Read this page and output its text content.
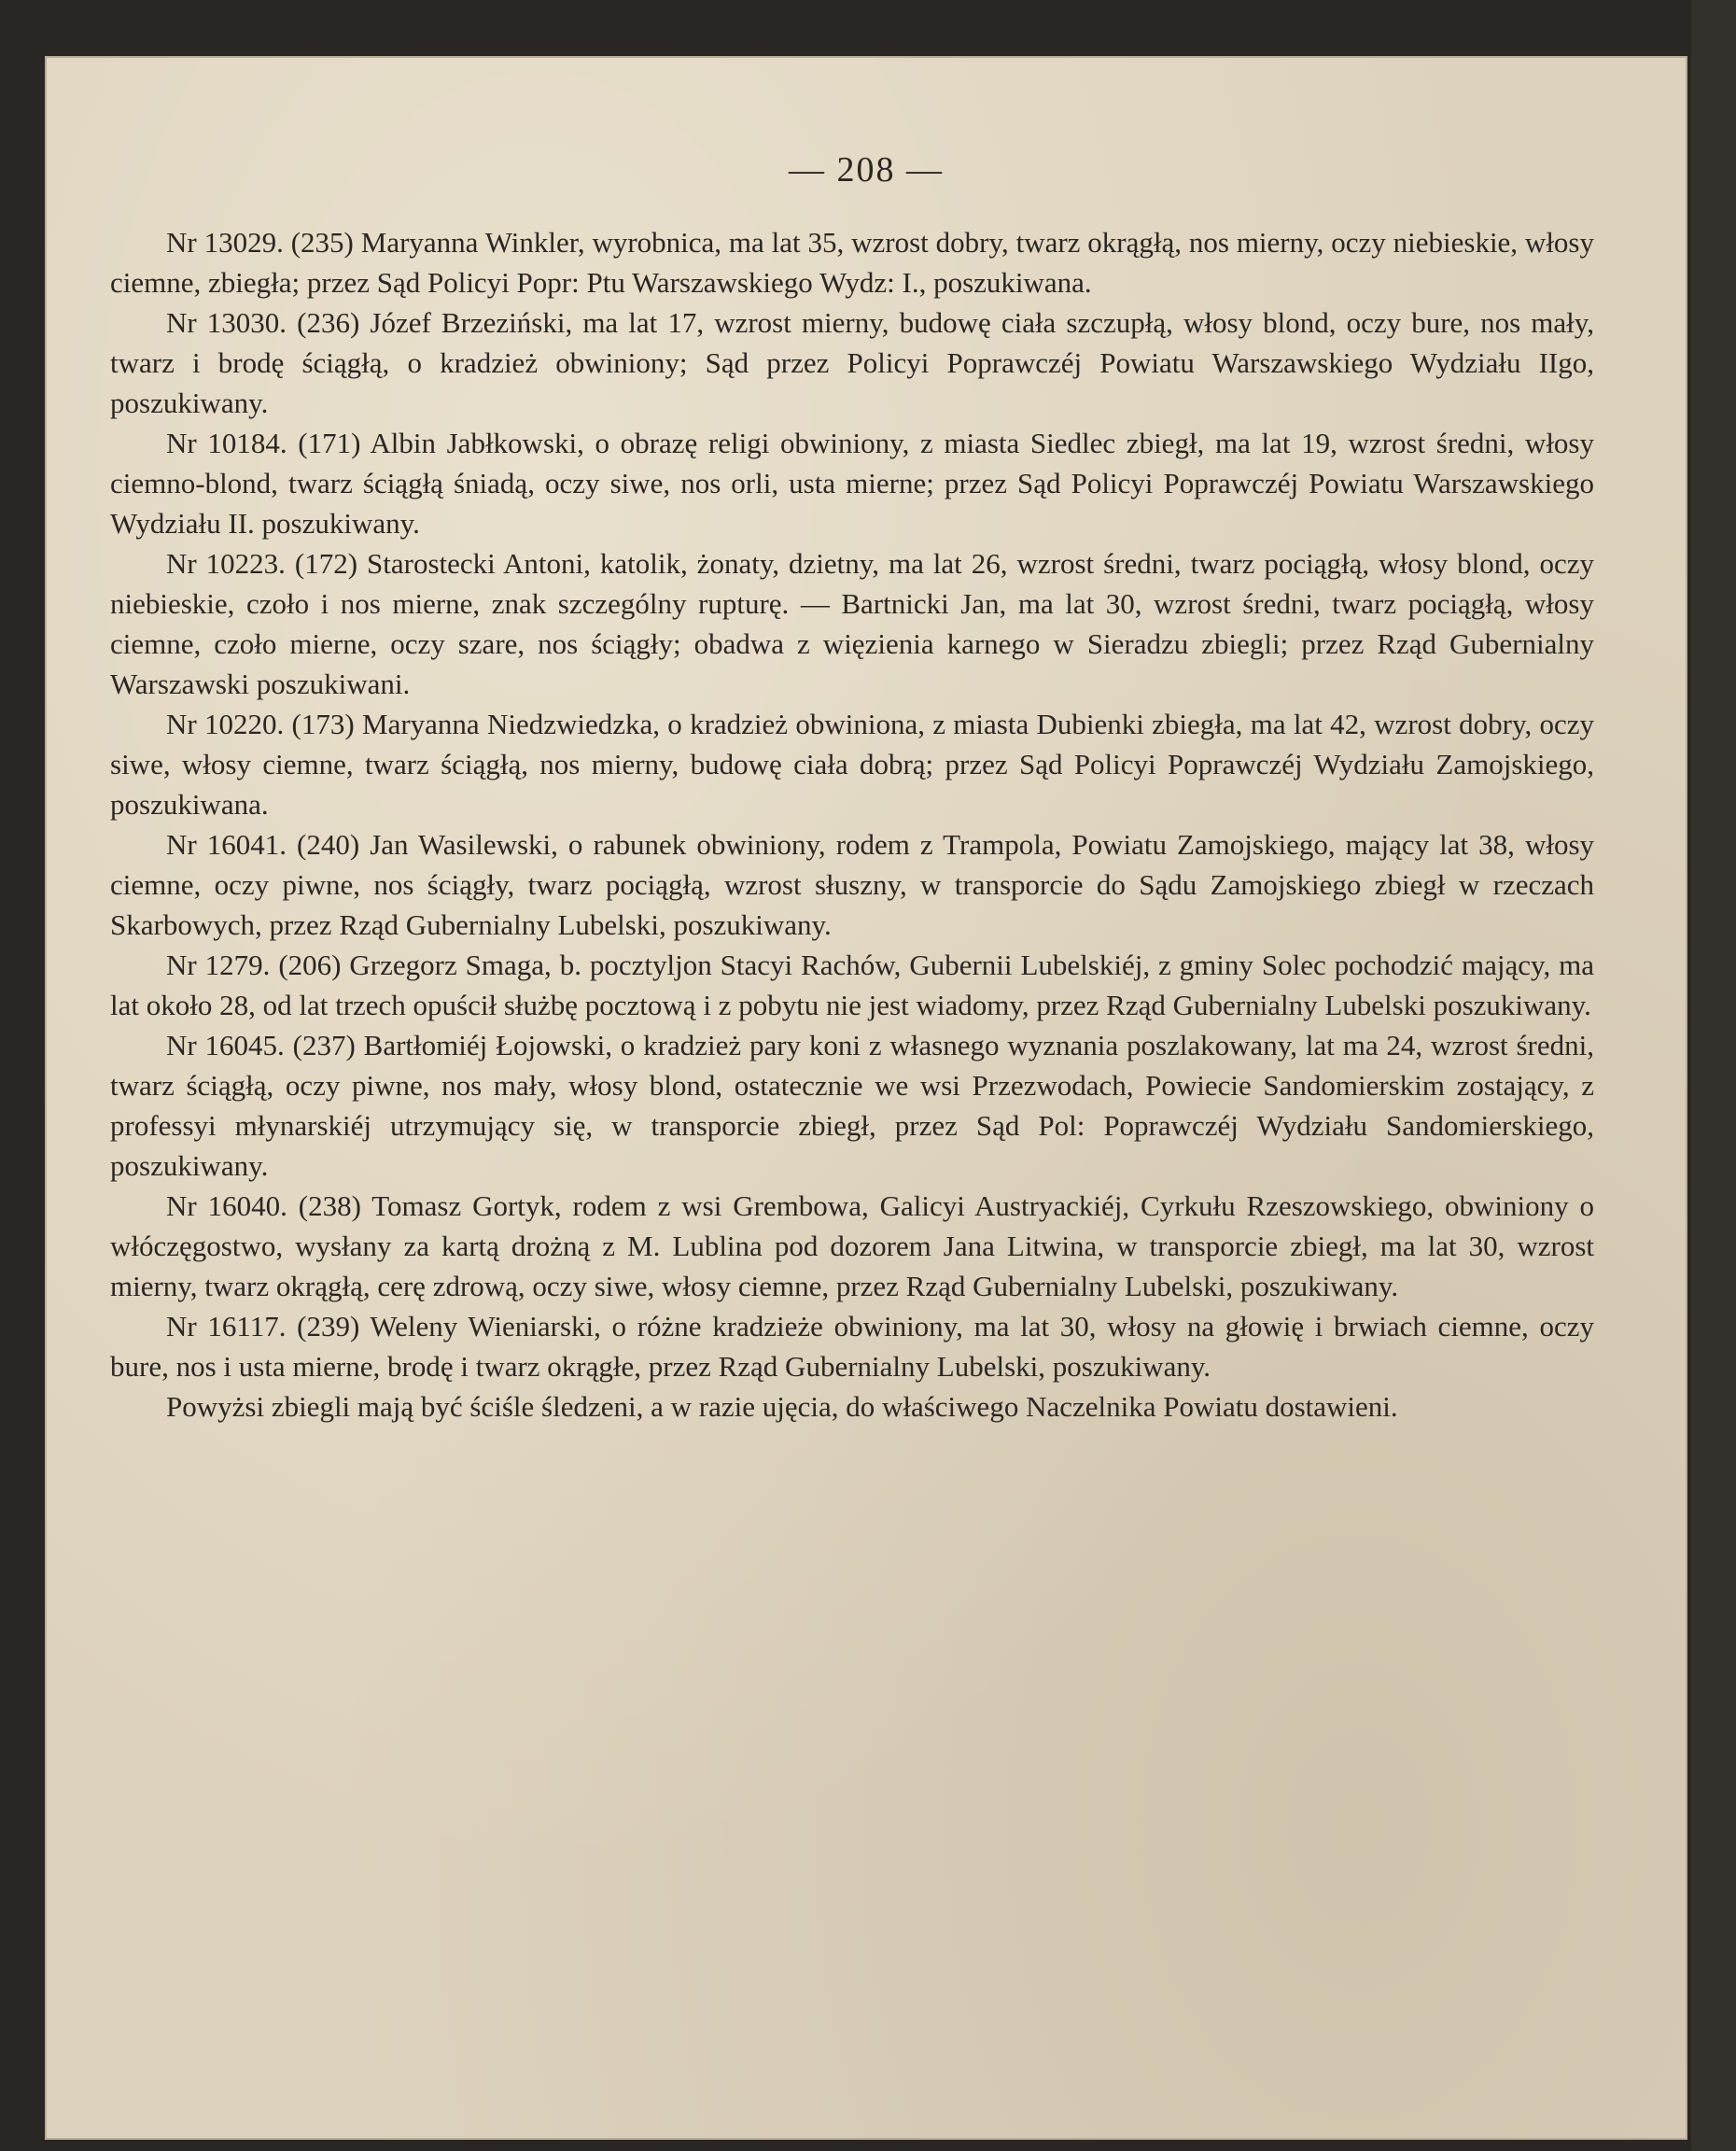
— 208 —

Nr 13029. (235) Maryanna Winkler, wyrobnica, ma lat 35, wzrost dobry, twarz okrągłą, nos mierny, oczy niebieskie, włosy ciemne, zbiegła; przez Sąd Policyi Popr: Ptu Warszawskiego Wydz: I., poszukiwana.

Nr 13030. (236) Józef Brzeziński, ma lat 17, wzrost mierny, budowę ciała szczupłą, włosy blond, oczy bure, nos mały, twarz i brodę ściągłą, o kradzież obwiniony; Sąd przez Policyi Poprawczéj Powiatu Warszawskiego Wydziału IIgo, poszukiwany.

Nr 10184. (171) Albin Jabłkowski, o obrazę religi obwiniony, z miasta Siedlec zbiegł, ma lat 19, wzrost średni, włosy ciemno-blond, twarz ściągłą śniadą, oczy siwe, nos orli, usta mierne; przez Sąd Policyi Poprawczéj Powiatu Warszawskiego Wydziału II. poszukiwany.

Nr 10223. (172) Starostecki Antoni, katolik, żonaty, dzietny, ma lat 26, wzrost średni, twarz pociągłą, włosy blond, oczy niebieskie, czoło i nos mierne, znak szczególny rupturę. — Bartnicki Jan, ma lat 30, wzrost średni, twarz pociągłą, włosy ciemne, czoło mierne, oczy szare, nos ściągły; obadwa z więzienia karnego w Sieradzu zbiegli; przez Rząd Gubernialny Warszawski poszukiwani.

Nr 10220. (173) Maryanna Niedzwiedzka, o kradzież obwiniona, z miasta Dubienki zbiegła, ma lat 42, wzrost dobry, oczy siwe, włosy ciemne, twarz ściągłą, nos mierny, budowę ciała dobrą; przez Sąd Policyi Poprawczéj Wydziału Zamojskiego, poszukiwana.

Nr 16041. (240) Jan Wasilewski, o rabunek obwiniony, rodem z Trampola, Powiatu Zamojskiego, mający lat 38, włosy ciemne, oczy piwne, nos ściągły, twarz pociągłą, wzrost słuszny, w transporcie do Sądu Zamojskiego zbiegł w rzeczach Skarbowych, przez Rząd Gubernialny Lubelski, poszukiwany.

Nr 1279. (206) Grzegorz Smaga, b. pocztyljon Stacyi Rachów, Gubernii Lubelskiéj, z gminy Solec pochodzić mający, ma lat około 28, od lat trzech opuścił służbę pocztową i z pobytu nie jest wiadomy, przez Rząd Gubernialny Lubelski poszukiwany.

Nr 16045. (237) Bartłomiéj Łojowski, o kradzież pary koni z własnego wyznania poszlakowany, lat ma 24, wzrost średni, twarz ściągłą, oczy piwne, nos mały, włosy blond, ostatecznie we wsi Przezwodach, Powiecie Sandomierskim zostający, z professyi młynarskiéj utrzymujący się, w transporcie zbiegł, przez Sąd Pol: Poprawczéj Wydziału Sandomierskiego, poszukiwany.

Nr 16040. (238) Tomasz Gortyk, rodem z wsi Grembowa, Galicyi Austryackiéj, Cyrkułu Rzeszowskiego, obwiniony o włóczęgostwo, wysłany za kartą drożną z M. Lublina pod dozorem Jana Litwina, w transporcie zbiegł, ma lat 30, wzrost mierny, twarz okrągłą, cerę zdrową, oczy siwe, włosy ciemne, przez Rząd Gubernialny Lubelski, poszukiwany.

Nr 16117. (239) Weleny Wieniarski, o różne kradzieże obwiniony, ma lat 30, włosy na głowię i brwiach ciemne, oczy bure, nos i usta mierne, brodę i twarz okrągłe, przez Rząd Gubernialny Lubelski, poszukiwany.

Powyżsi zbiegli mają być ściśle śledzeni, a w razie ujęcia, do właściwego Naczelnika Powiatu dostawieni.
